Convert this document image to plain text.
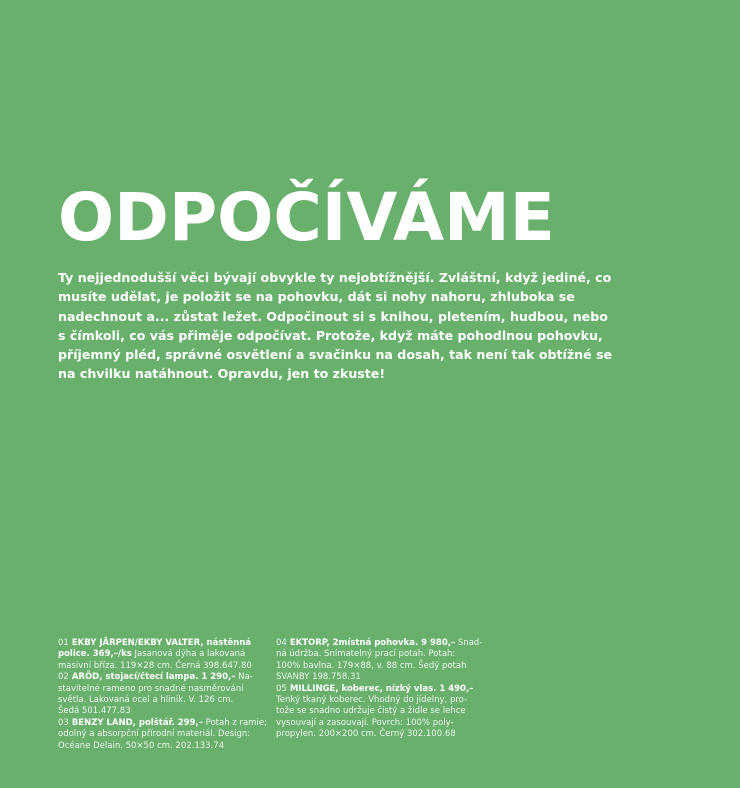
ODPOČÍVÁME
Ty nejjednodušší věci bývají obvykle ty nejobtížnější. Zvláštní, když jediné, co
musíte udělat, je položit se na pohovku, dát si nohy nahoru, zhluboka se
nadechnout a... zůstat ležet. Odpočinout si s knihou, pletením, hudbou, nebo
s čímkoli, co vás přiměje odpočívat. Protože, když máte pohodlnou pohovku,
příjemný pléd, správné osvětlení a svačinku na dosah, tak není tak obtížné se
na chvilku natáhnout. Opravdu, jen to zkuste!
01 EKBY JÄRPEN/EKBY VALTER, nástěnná
police. 369,–/ks Jasanová dýha a lakovaná
masivní bříza. 119×28 cm. Černá 398.647.80
02 ARÖD, stojací/čtecí lampa. 1 290,– Na-
stavitelné rameno pro snadné nasměrování
světla. Lakovaná ocel a hliník. V. 126 cm.
Šedá 501.477.83
03 BENZY LAND, polštář. 299,– Potah z ramie;
odolný a absorpční přírodní materiál. Design:
Océane Delain. 50×50 cm. 202.133.74
04 EKTORP, 2místná pohovka. 9 980,– Snad-
ná údržba. Snímatelný prací potah. Potah:
100% bavlna. 179×88, v. 88 cm. Šedý potah
SVANBY 198.758.31
05 MILLINGE, koberec, nízký vlas. 1 490,–
Tenký tkaný koberec. Vhodný do jídelny, pro-
tože se snadno udržuje čistý a židle se lehce
vysouvají a zasouvají. Povrch: 100% poly-
propylen. 200×200 cm. Černý 302.100.68
